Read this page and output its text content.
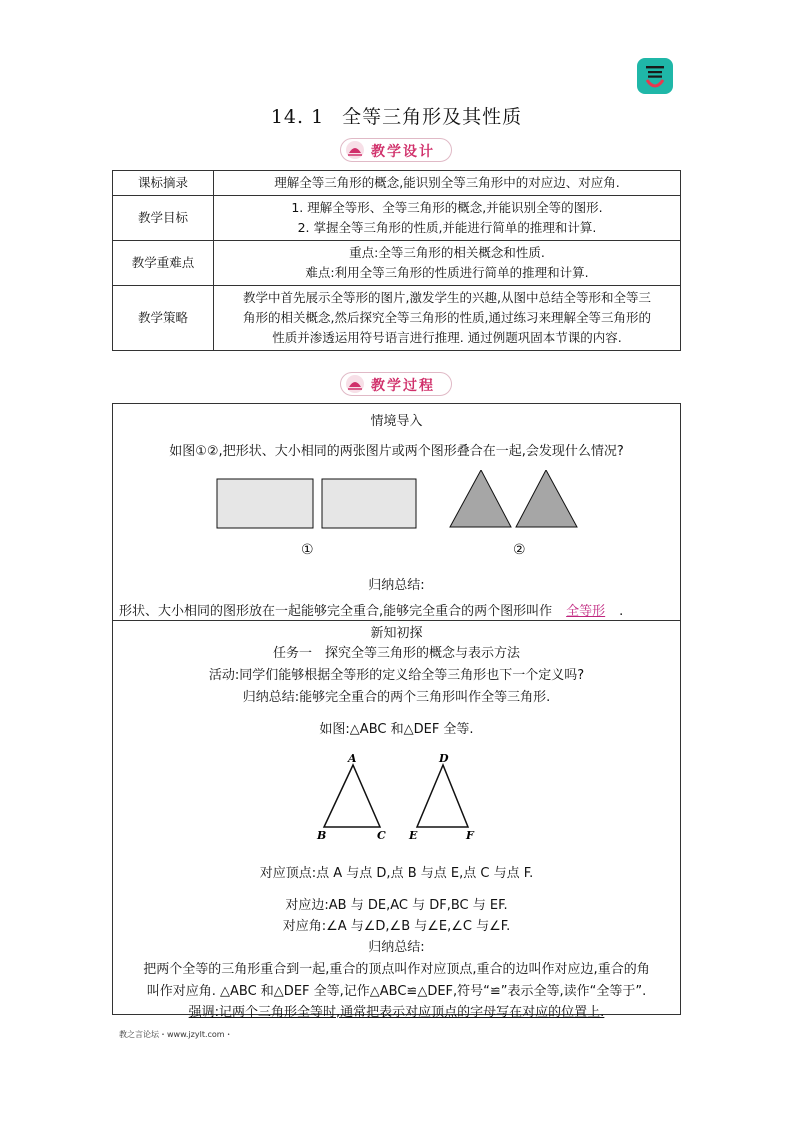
14. 1 全等三角形及其性质
教学设计
课标摘录	理解全等三角形的概念,能识别全等三角形中的对应边、对应角.
教学目标	1. 理解全等形、全等三角形的概念,并能识别全等的图形.
2. 掌握全等三角形的性质,并能进行简单的推理和计算.

教学重难点	重点:全等三角形的相关概念和性质.
难点:利用全等三角形的性质进行简单的推理和计算.

教学策略	教学中首先展示全等形的图片,激发学生的兴趣,从图中总结全等形和全等三
角形的相关概念,然后探究全等三角形的性质,通过练习来理解全等三角形的
性质并渗透运用符号语言进行推理. 通过例题巩固本节课的内容.
教学过程
情境导入
如图①②,把形状、大小相同的两张图片或两个图形叠合在一起,会发现什么情况?
①	②
归纳总结:
形状、大小相同的图形放在一起能够完全重合,能够完全重合的两个图形叫作 全等形 .
新知初探
任务一　探究全等三角形的概念与表示方法
活动:同学们能够根据全等形的定义给全等三角形也下一个定义吗?
归纳总结:能够完全重合的两个三角形叫作全等三角形.
如图:△ABC 和△DEF 全等.
A
B	C
D
E	F
对应顶点:点 A 与点 D,点 B 与点 E,点 C 与点 F.
对应边:AB 与 DE,AC 与 DF,BC 与 EF.
对应角:∠A 与∠D,∠B 与∠E,∠C 与∠F.
归纳总结:
把两个全等的三角形重合到一起,重合的顶点叫作对应顶点,重合的边叫作对应边,重合的角
叫作对应角. △ABC 和△DEF 全等,记作△ABC≌△DEF,符号“≌”表示全等,读作“全等于”.
强调:记两个三角形全等时,通常把表示对应顶点的字母写在对应的位置上.
教之言论坛・www.jzylt.com・
